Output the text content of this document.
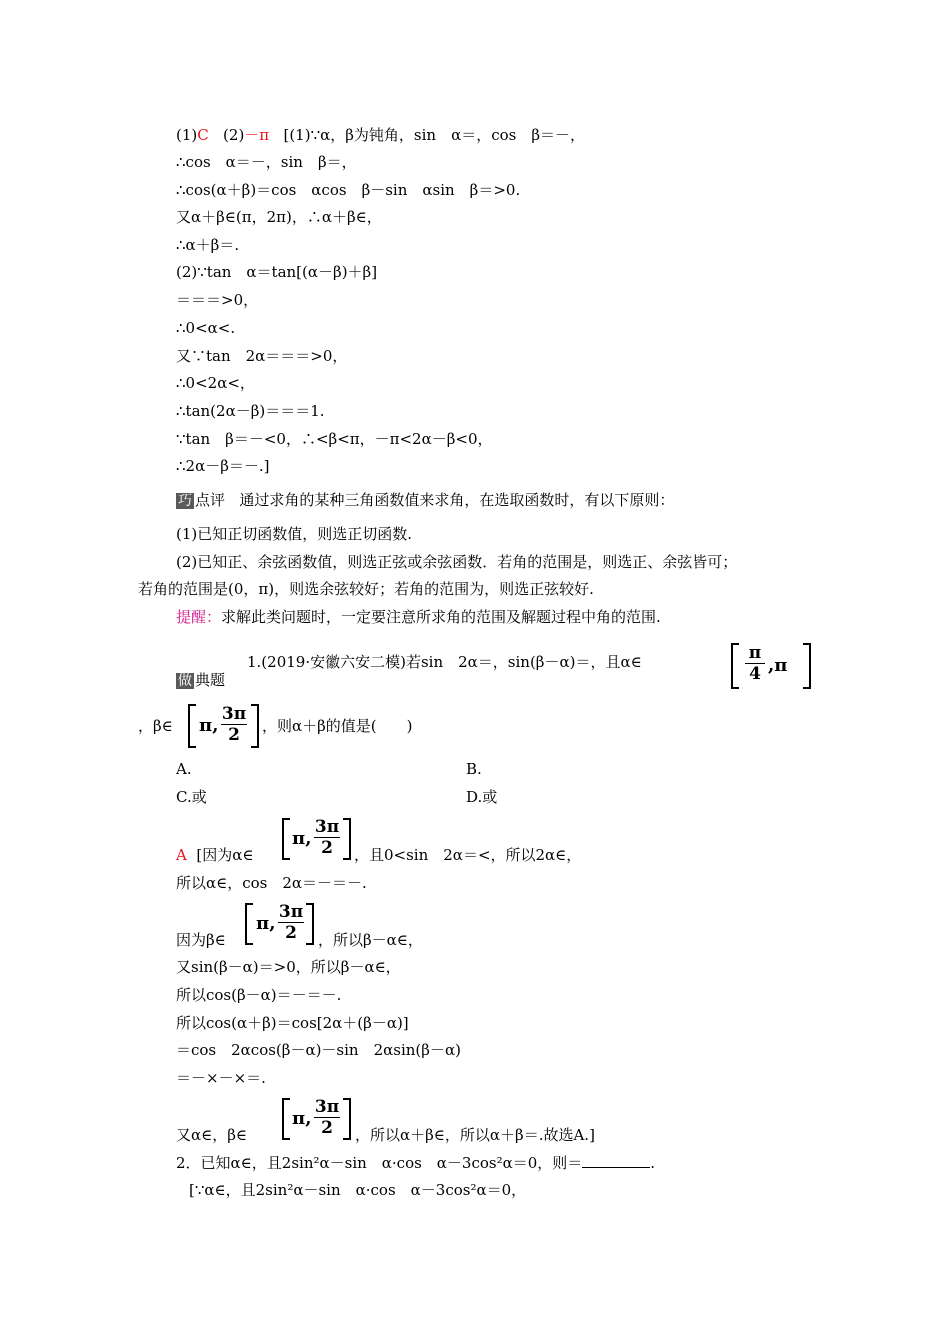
(1)C (2)－π [(1)∵α，β为钝角，sin　α＝，cos　β＝－，
∴cos　α＝－，sin　β＝，
∴cos(α＋β)＝cos　αcos　β－sin　αsin　β＝>0.
又α＋β∈(π，2π)，∴α＋β∈，
∴α＋β＝.
(2)∵tan　α＝tan[(α－β)＋β]
＝＝＝>0，
∴0<α<.
又∵tan　2α＝＝＝>0，
∴0<2α<，
∴tan(2α－β)＝＝＝1.
∵tan　β＝－<0，∴<β<π，－π<2α－β<0，
∴2α－β＝－.]
巧 点评 通过求角的某种三角函数值来求角，在选取函数时，有以下原则：
(1)已知正切函数值，则选正切函数.
(2)已知正、余弦函数值，则选正弦或余弦函数．若角的范围是，则选正、余弦皆可；
若角的范围是(0，π)，则选余弦较好；若角的范围为，则选正弦较好.
提醒：求解此类问题时，一定要注意所求角的范围及解题过程中角的范围.
做 典题
1.(2019·安徽六安二模)若sin　2α＝，sin(β－α)＝，且α∈	π
4 ,π
，β∈ π,
3π
2	，则α＋β的值是(　　)
A.	B.
C.或	D.或
A [因为α∈
π,
3π
2	，且0<sin　2α＝<，所以2α∈，
所以α∈，cos　2α＝－＝－.
因为β∈
π,
3π
2	，所以β－α∈，
又sin(β－α)＝>0，所以β－α∈，
所以cos(β－α)＝－＝－.
所以cos(α＋β)＝cos[2α＋(β－α)]
＝cos　2αcos(β－α)－sin　2αsin(β－α)
＝－×－×＝.
又α∈，β∈
π,
3π
2	，所以α＋β∈，所以α＋β＝.故选A.]
2．已知α∈，且2sin²α－sin　α·cos　α－3cos²α＝0，则＝	.
[∵α∈，且2sin²α－sin　α·cos　α－3cos²α＝0，
